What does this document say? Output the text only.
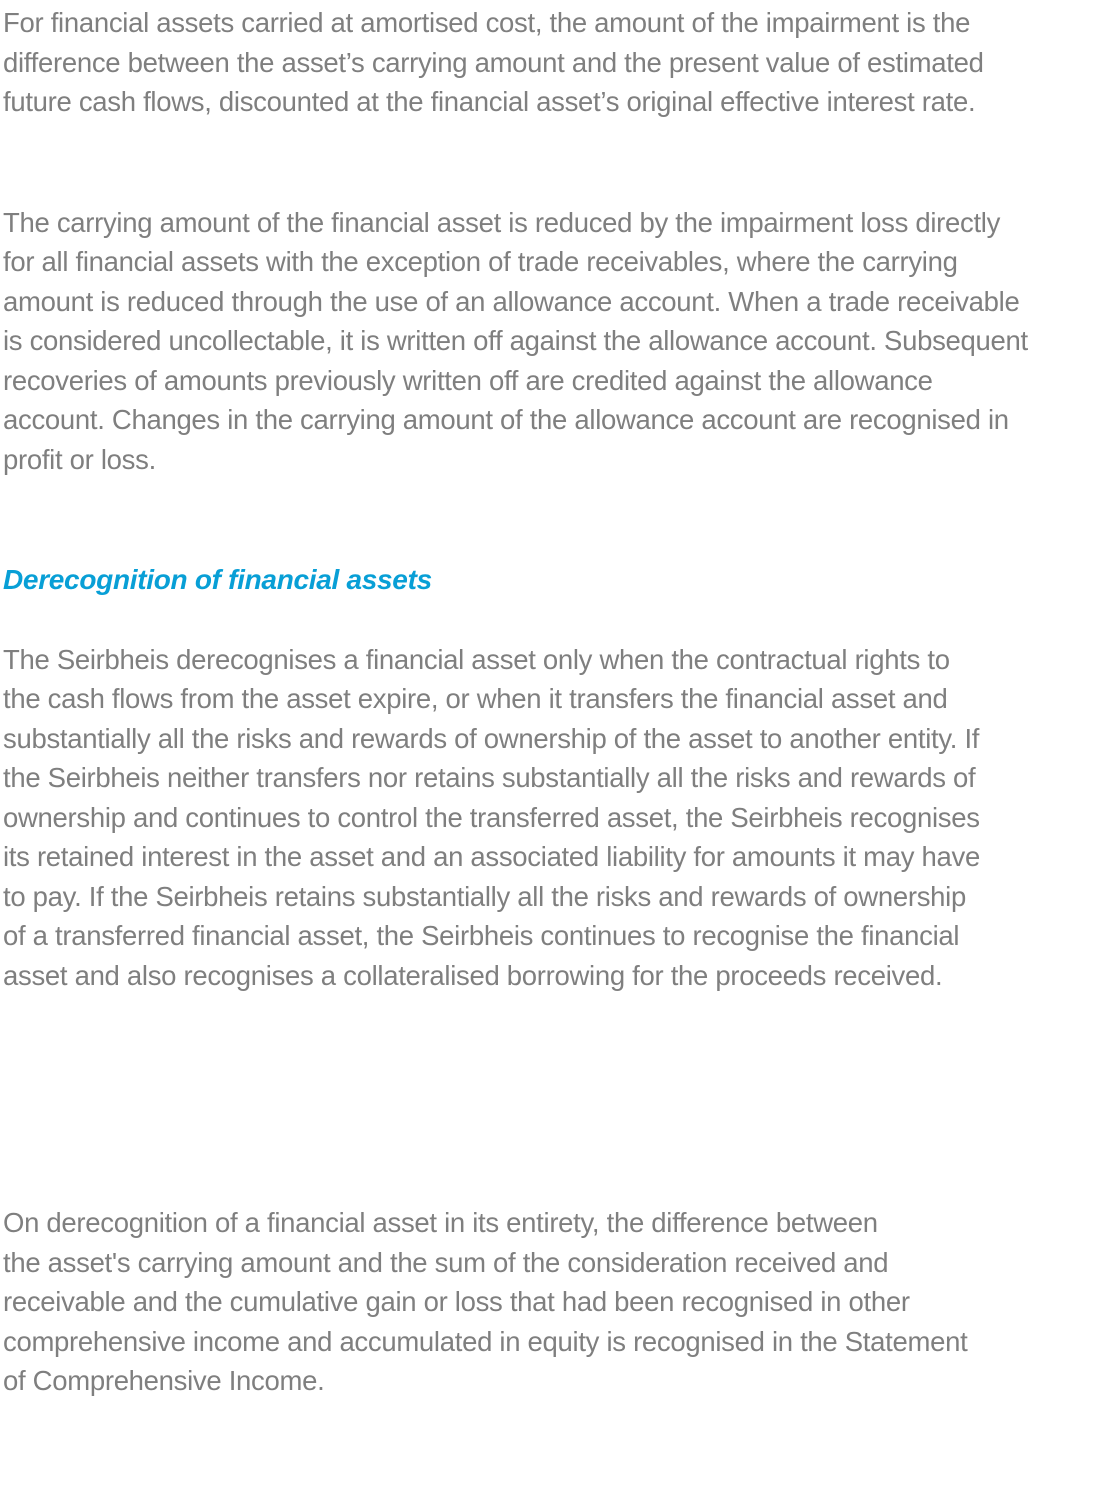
For financial assets carried at amortised cost, the amount of the impairment is the
difference between the asset’s carrying amount and the present value of estimated
future cash flows, discounted at the financial asset’s original effective interest rate.
The carrying amount of the financial asset is reduced by the impairment loss directly
for all financial assets with the exception of trade receivables, where the carrying
amount is reduced through the use of an allowance account. When a trade receivable
is considered uncollectable, it is written off against the allowance account. Subsequent
recoveries of amounts previously written off are credited against the allowance
account. Changes in the carrying amount of the allowance account are recognised in
profit or loss.
Derecognition of financial assets
The Seirbheis derecognises a financial asset only when the contractual rights to
the cash flows from the asset expire, or when it transfers the financial asset and
substantially all the risks and rewards of ownership of the asset to another entity. If
the Seirbheis neither transfers nor retains substantially all the risks and rewards of
ownership and continues to control the transferred asset, the Seirbheis recognises
its retained interest in the asset and an associated liability for amounts it may have
to pay. If the Seirbheis retains substantially all the risks and rewards of ownership
of a transferred financial asset, the Seirbheis continues to recognise the financial
asset and also recognises a collateralised borrowing for the proceeds received.
On derecognition of a financial asset in its entirety, the difference between
the asset's carrying amount and the sum of the consideration received and
receivable and the cumulative gain or loss that had been recognised in other
comprehensive income and accumulated in equity is recognised in the Statement
of Comprehensive Income.
